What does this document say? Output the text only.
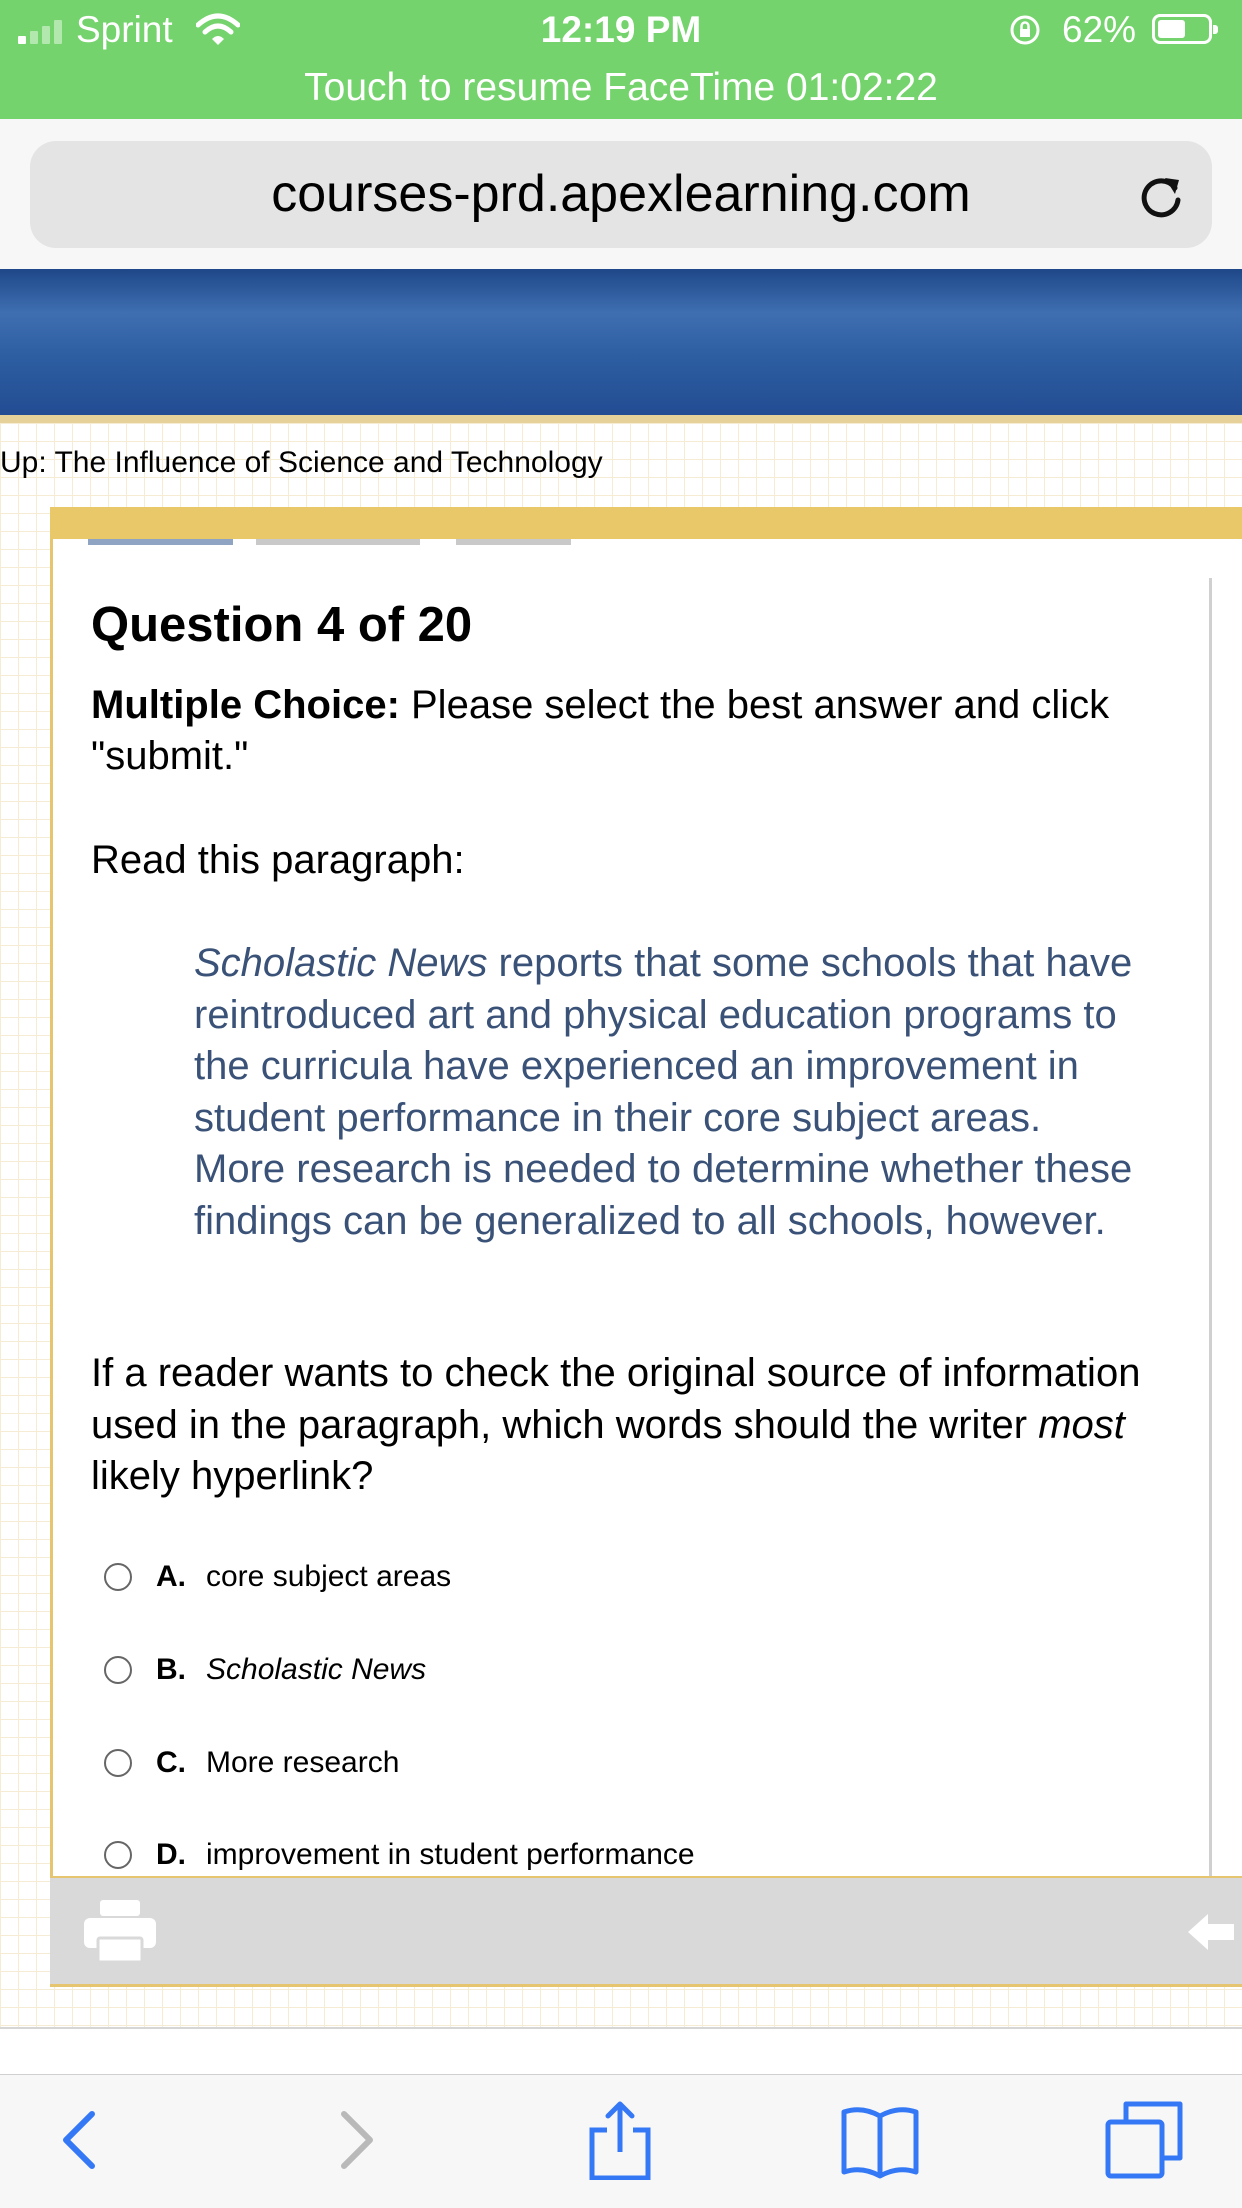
Sprint	12:19 PM	62%
Touch to resume FaceTime 01:02:22
courses-prd.apexlearning.com
Up: The Influence of Science and Technology
Question 4 of 20
Multiple Choice: Please select the best answer and click "submit."
Read this paragraph:
Scholastic News reports that some schools that have reintroduced art and physical education programs to the curricula have experienced an improvement in student performance in their core subject areas. More research is needed to determine whether these findings can be generalized to all schools, however.
If a reader wants to check the original source of information used in the paragraph, which words should the writer most likely hyperlink?
A. core subject areas
B. Scholastic News
C. More research
D. improvement in student performance
